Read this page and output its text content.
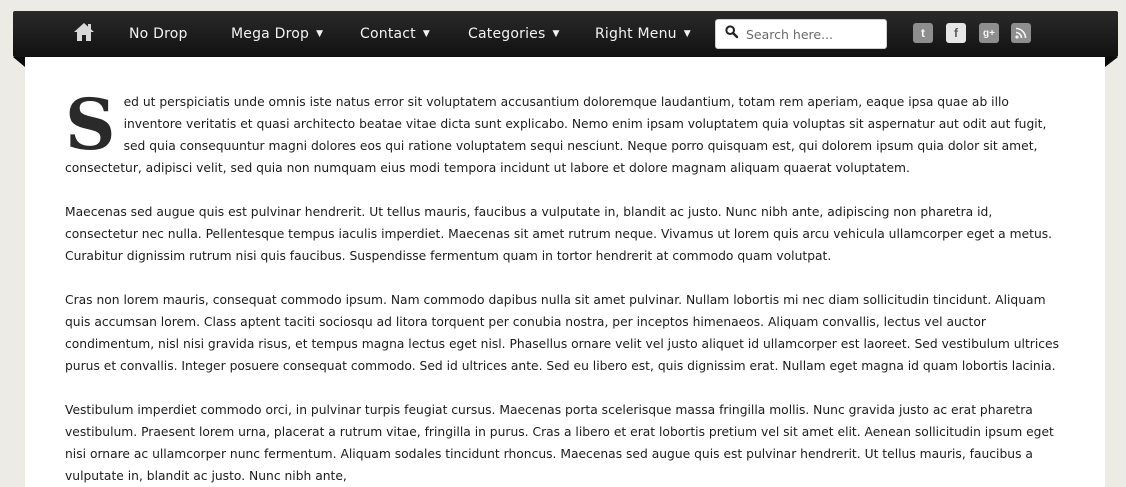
No Drop	Mega Drop ▼	Contact ▼	Categories ▼	Right Menu ▼
Search here...	t f	g+

Sed ut perspiciatis unde omnis iste natus error sit voluptatem accusantium doloremque laudantium, totam rem aperiam, eaque ipsa quae ab illo inventore veritatis et quasi architecto beatae vitae dicta sunt explicabo. Nemo enim ipsam voluptatem quia voluptas sit aspernatur aut odit aut fugit, sed quia consequuntur magni dolores eos qui ratione voluptatem sequi nesciunt. Neque porro quisquam est, qui dolorem ipsum quia dolor sit amet, consectetur, adipisci velit, sed quia non numquam eius modi tempora incidunt ut labore et dolore magnam aliquam quaerat voluptatem.

Maecenas sed augue quis est pulvinar hendrerit. Ut tellus mauris, faucibus a vulputate in, blandit ac justo. Nunc nibh ante, adipiscing non pharetra id, consectetur nec nulla. Pellentesque tempus iaculis imperdiet. Maecenas sit amet rutrum neque. Vivamus ut lorem quis arcu vehicula ullamcorper eget a metus. Curabitur dignissim rutrum nisi quis faucibus. Suspendisse fermentum quam in tortor hendrerit at commodo quam volutpat.

Cras non lorem mauris, consequat commodo ipsum. Nam commodo dapibus nulla sit amet pulvinar. Nullam lobortis mi nec diam sollicitudin tincidunt. Aliquam quis accumsan lorem. Class aptent taciti sociosqu ad litora torquent per conubia nostra, per inceptos himenaeos. Aliquam convallis, lectus vel auctor condimentum, nisl nisi gravida risus, et tempus magna lectus eget nisl. Phasellus ornare velit vel justo aliquet id ullamcorper est laoreet. Sed vestibulum ultrices purus et convallis. Integer posuere consequat commodo. Sed id ultrices ante. Sed eu libero est, quis dignissim erat. Nullam eget magna id quam lobortis lacinia.

Vestibulum imperdiet commodo orci, in pulvinar turpis feugiat cursus. Maecenas porta scelerisque massa fringilla mollis. Nunc gravida justo ac erat pharetra vestibulum. Praesent lorem urna, placerat a rutrum vitae, fringilla in purus. Cras a libero et erat lobortis pretium vel sit amet elit. Aenean sollicitudin ipsum eget nisi ornare ac ullamcorper nunc fermentum. Aliquam sodales tincidunt rhoncus. Maecenas sed augue quis est pulvinar hendrerit. Ut tellus mauris, faucibus a vulputate in, blandit ac justo. Nunc nibh ante,
